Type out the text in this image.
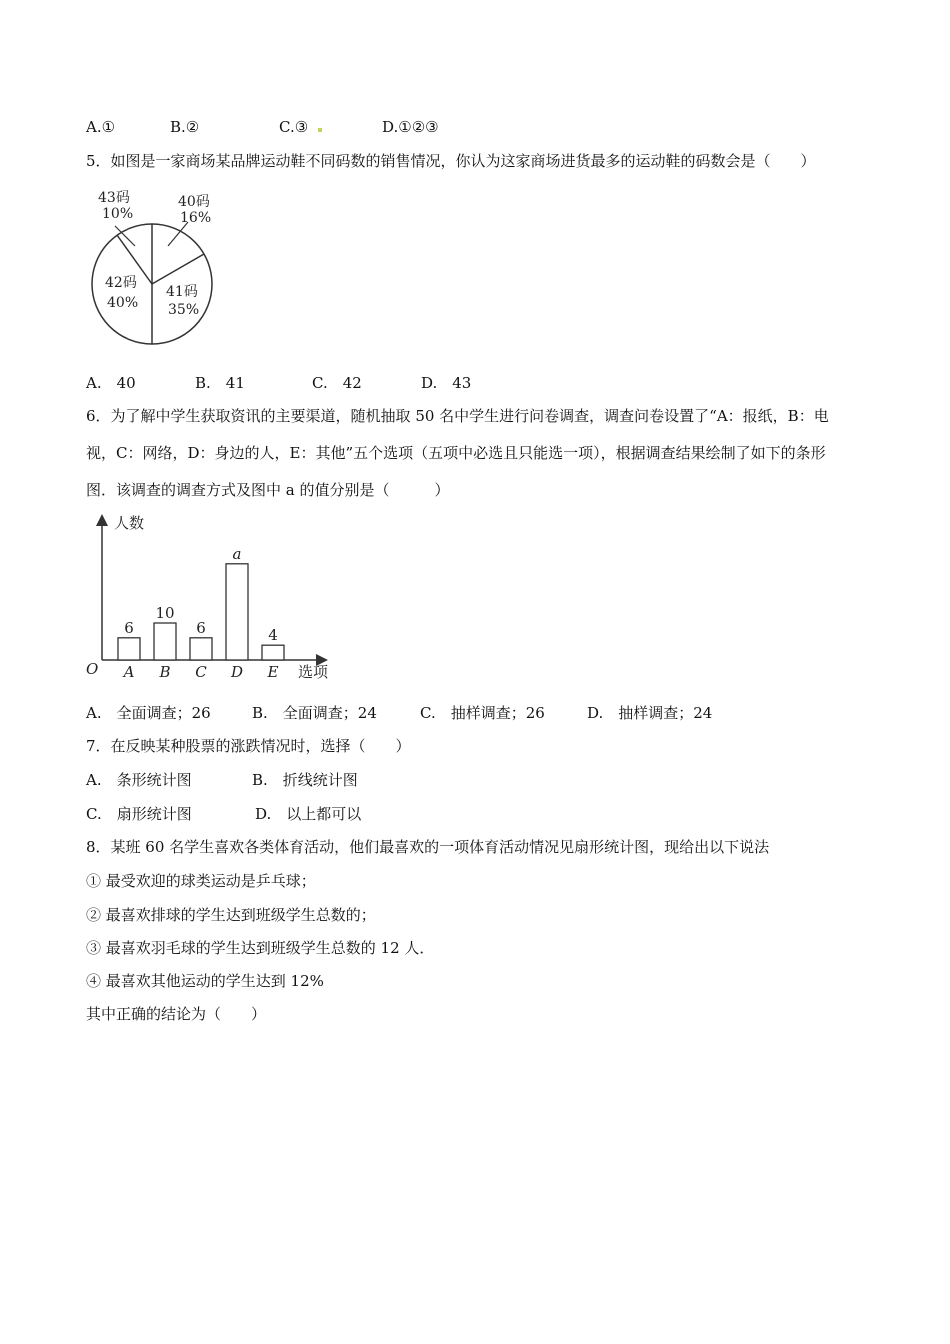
A.①	B.②	C.③	D.①②③
5．如图是一家商场某品牌运动鞋不同码数的销售情况，你认为这家商场进货最多的运动鞋的码数会是（　　）
43码
10%
40码
16%
42码
40%
41码
35%
A.　40	B.　41	C.　42	D.　43
6．为了解中学生获取资讯的主要渠道，随机抽取 50 名中学生进行问卷调查，调查问卷设置了“A：报纸，B：电
视，C：网络，D：身边的人，E：其他”五个选项（五项中必选且只能选一项），根据调查结果绘制了如下的条形
图．该调查的调查方式及图中 a 的值分别是（　　　）
人数
选项
O
6
A
10
B
6
C
a
D
4
E
A.　全面调查；26	B.　全面调查；24	C.　抽样调查；26	D.　抽样调查；24
7．在反映某种股票的涨跌情况时，选择（　　）
A.　条形统计图	B.　折线统计图
C.　扇形统计图	D.　以上都可以
8．某班 60 名学生喜欢各类体育活动，他们最喜欢的一项体育活动情况见扇形统计图，现给出以下说法
① 最受欢迎的球类运动是乒乓球；
② 最喜欢排球的学生达到班级学生总数的；
③ 最喜欢羽毛球的学生达到班级学生总数的 12 人．
④ 最喜欢其他运动的学生达到 12%
其中正确的结论为（　　）
